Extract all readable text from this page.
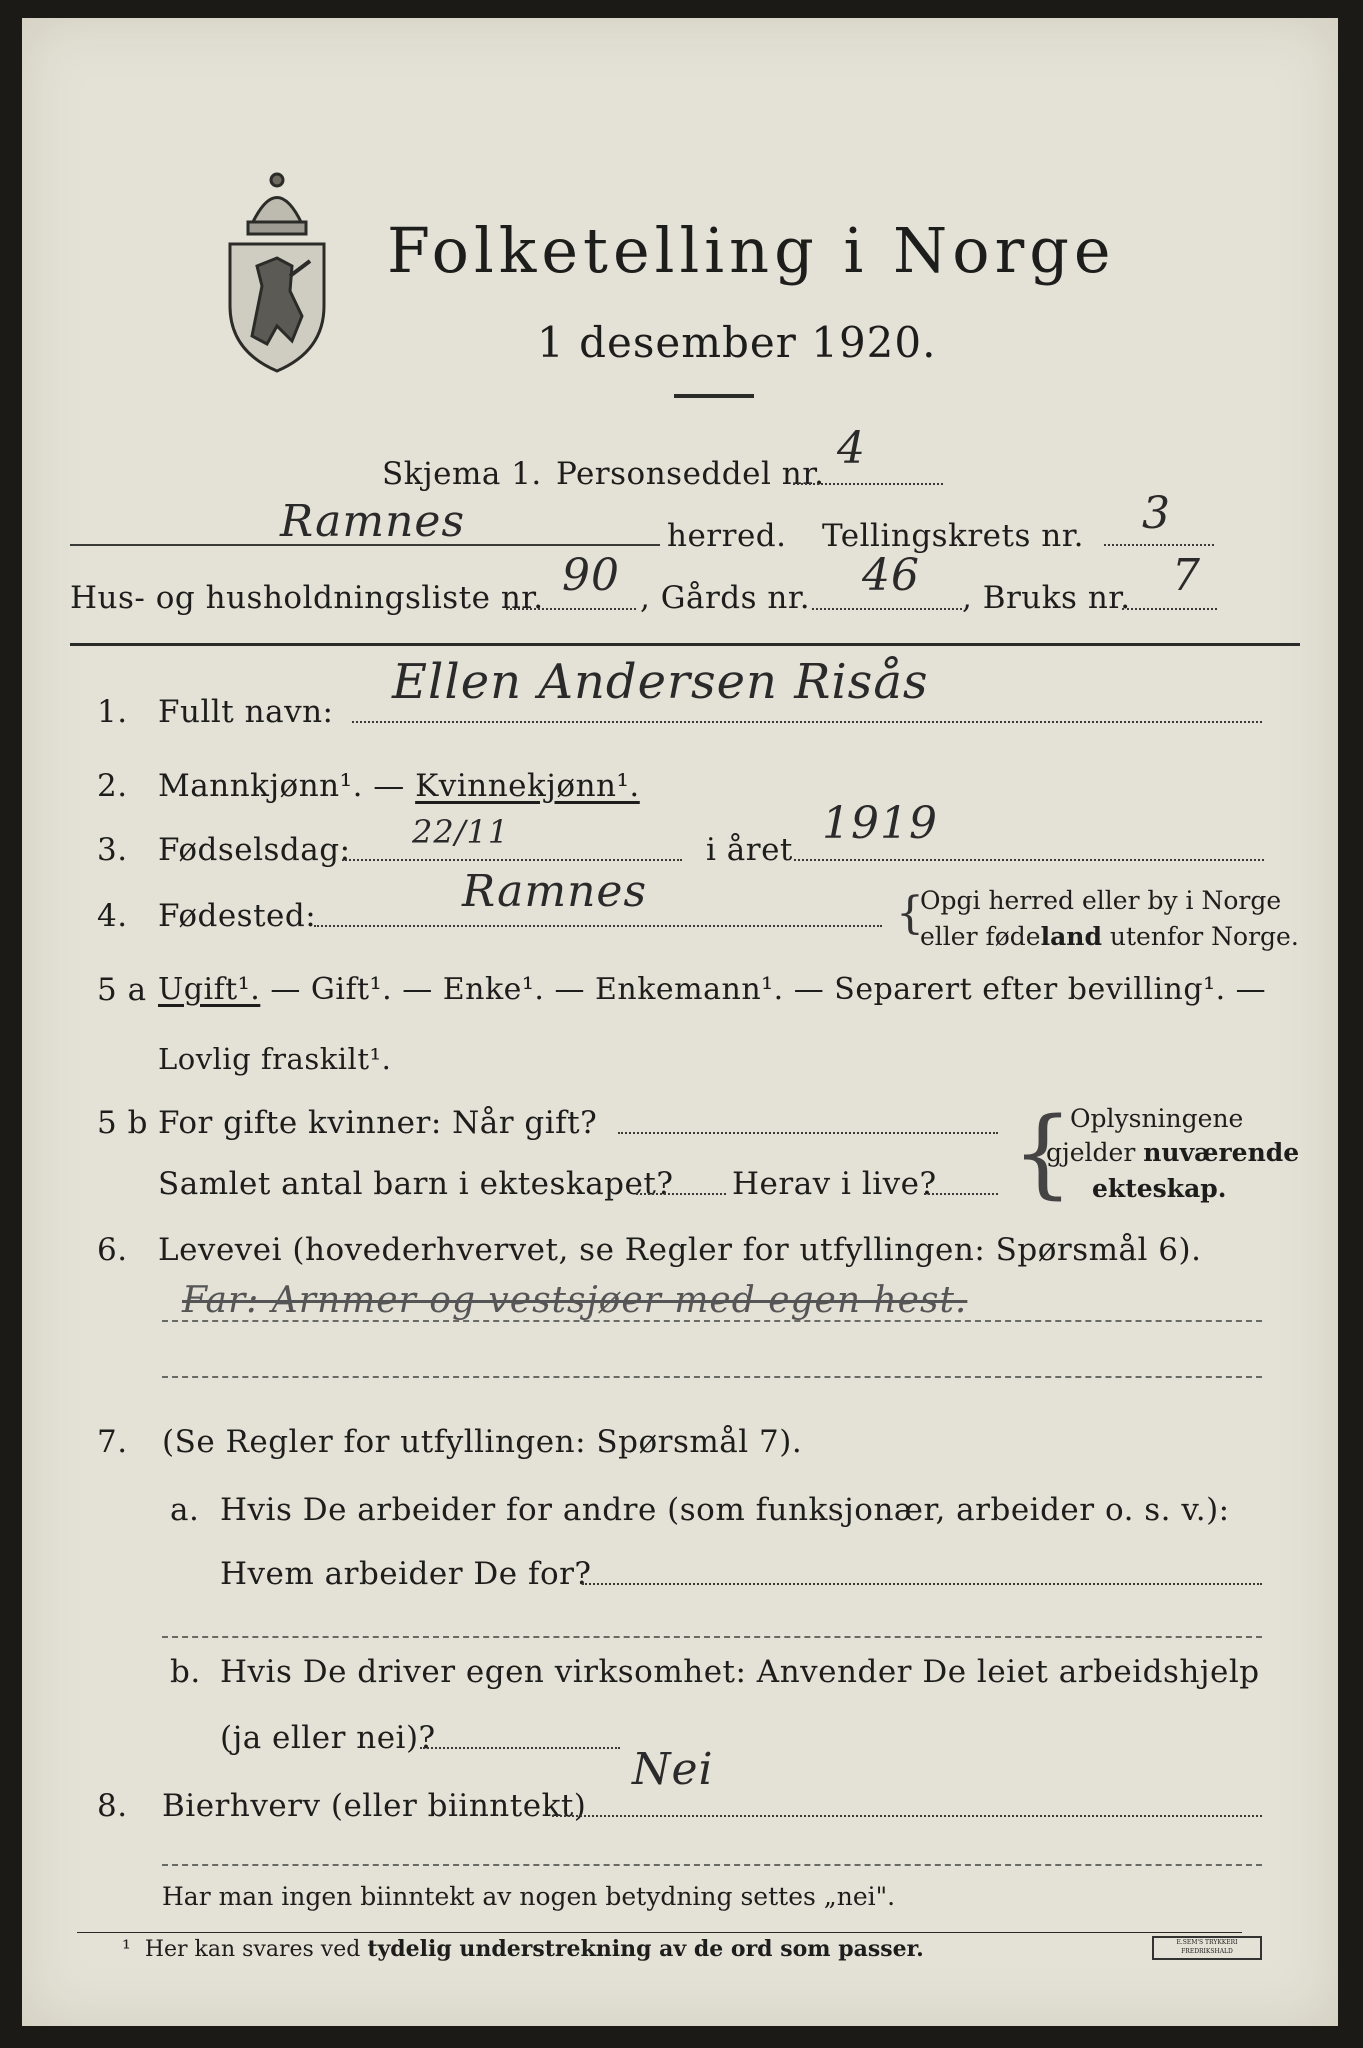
Folketelling i Norge
1 desember 1920.
Skjema 1. Personseddel nr. 4
Ramnes	herred. Tellingskrets nr. 3
Hus- og husholdningsliste nr. 90 , Gårds nr. 46 , Bruks nr. 7
1. Fullt navn:
Ellen Andersen Risås
2. Mannkjønn¹. — Kvinnekjønn¹.
3. Fødselsdag: 22/11	i året
1919
4. Fødested:	Ramnes	{
Opgi herred eller by i Norge
eller fødeland utenfor Norge.
5 a Ugift¹. — Gift¹. — Enke¹. — Enkemann¹. — Separert efter bevilling¹. —
Lovlig fraskilt¹.
5 b For gifte kvinner: Når gift?
Samlet antal barn i ekteskapet? Herav i live? {
Oplysningene
gjelder nuværende
ekteskap.
6. Levevei (hovederhvervet, se Regler for utfyllingen: Spørsmål 6).
Far: Arnmer og vestsjøer med egen hest.
7. (Se Regler for utfyllingen: Spørsmål 7).
a. Hvis De arbeider for andre (som funksjonær, arbeider o. s. v.):
Hvem arbeider De for?
b. Hvis De driver egen virksomhet: Anvender De leiet arbeidshjelp
(ja eller nei)?
8. Bierhverv (eller biinntekt)
Nei
Har man ingen biinntekt av nogen betydning settes „nei".
¹ Her kan svares ved tydelig understrekning av de ord som passer.	E.SEM'S TRYKKERI FREDRIKSHALD
